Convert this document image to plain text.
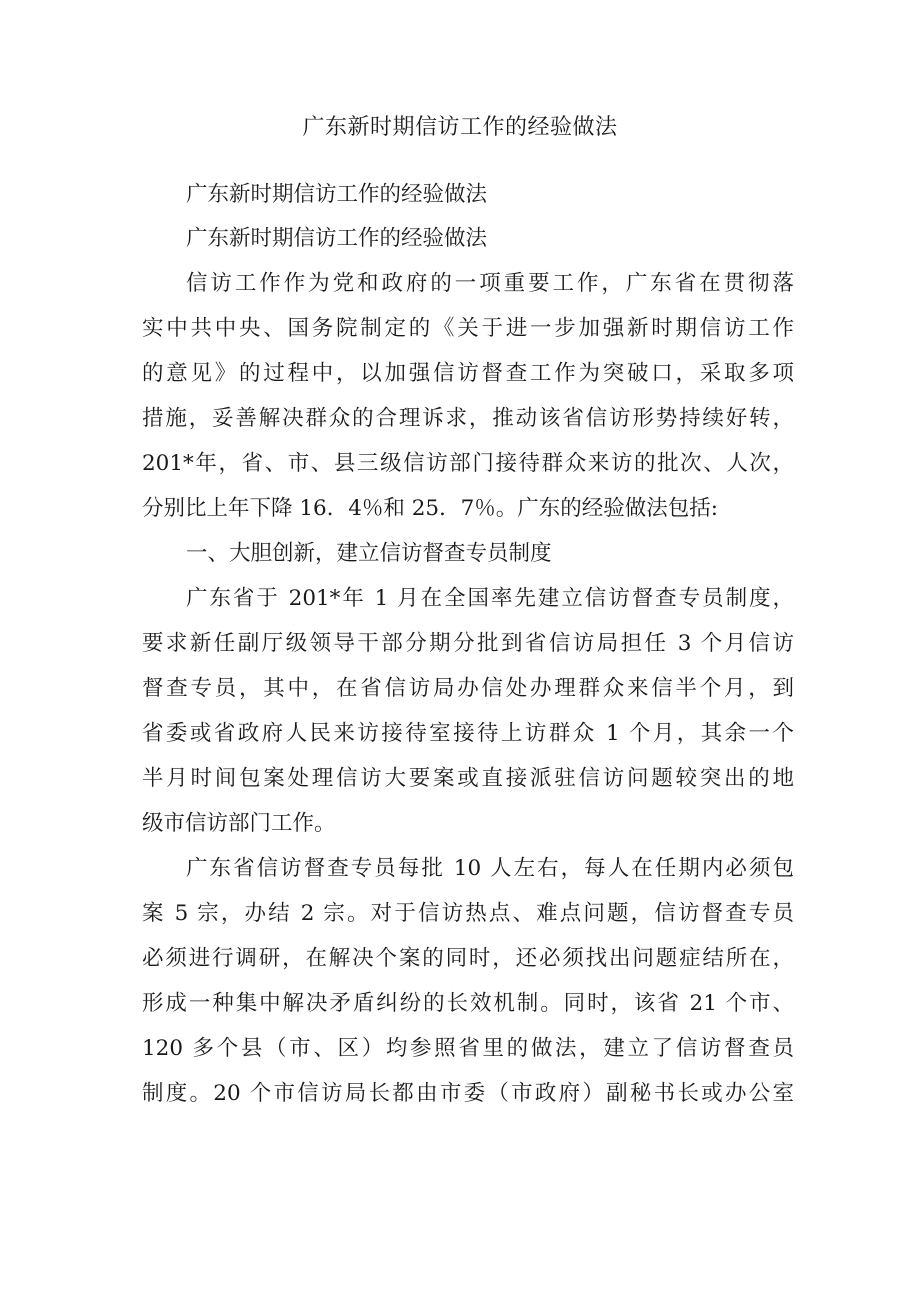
广东新时期信访工作的经验做法
广东新时期信访工作的经验做法
广东新时期信访工作的经验做法
信访工作作为党和政府的一项重要工作，广东省在贯彻落
实中共中央、国务院制定的《关于进一步加强新时期信访工作
的意见》的过程中，以加强信访督查工作为突破口，采取多项
措施，妥善解决群众的合理诉求，推动该省信访形势持续好转，
201*年，省、市、县三级信访部门接待群众来访的批次、人次，
分别比上年下降 16．4％和 25．7％。广东的经验做法包括:
一、大胆创新，建立信访督查专员制度
广东省于 201*年 1 月在全国率先建立信访督查专员制度，
要求新任副厅级领导干部分期分批到省信访局担任 3 个月信访
督查专员，其中，在省信访局办信处办理群众来信半个月，到
省委或省政府人民来访接待室接待上访群众 1 个月，其余一个
半月时间包案处理信访大要案或直接派驻信访问题较突出的地
级市信访部门工作。
广东省信访督查专员每批 10 人左右，每人在任期内必须包
案 5 宗，办结 2 宗。对于信访热点、难点问题，信访督查专员
必须进行调研，在解决个案的同时，还必须找出问题症结所在，
形成一种集中解决矛盾纠纷的长效机制。同时，该省 21 个市、
120 多个县（市、区）均参照省里的做法，建立了信访督查员
制度。20 个市信访局长都由市委（市政府）副秘书长或办公室
